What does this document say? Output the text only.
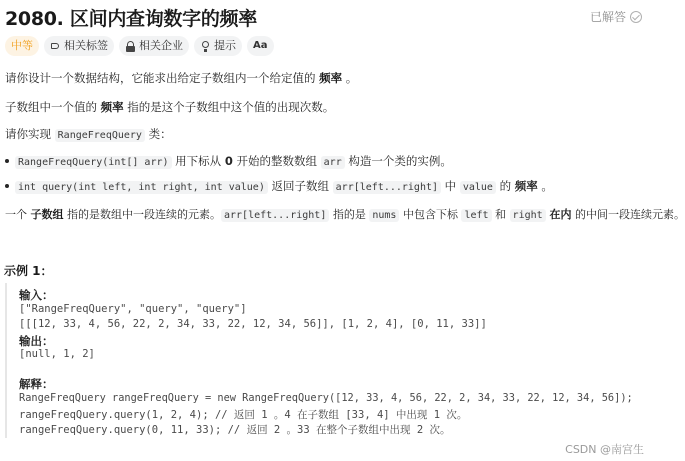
2080. 区间内查询数字的频率	已解答
中等	相关标签	相关企业	提示 Aa
请你设计一个数据结构，它能求出给定子数组内一个给定值的 频率 。
子数组中一个值的 频率 指的是这个子数组中这个值的出现次数。
请你实现 RangeFreqQuery 类：
RangeFreqQuery(int[] arr) 用下标从 0 开始的整数数组 arr 构造一个类的实例。
int query(int left, int right, int value) 返回子数组 arr[left...right] 中 value 的 频率 。
一个 子数组 指的是数组中一段连续的元素。 arr[left...right] 指的是 nums 中包含下标 left 和 right 在内 的中间一段连续元素。
示例 1：
输入：
["RangeFreqQuery", "query", "query"]
[[[12, 33, 4, 56, 22, 2, 34, 33, 22, 12, 34, 56]], [1, 2, 4], [0, 11, 33]]
输出：
[null, 1, 2]
解释：
RangeFreqQuery rangeFreqQuery = new RangeFreqQuery([12, 33, 4, 56, 22, 2, 34, 33, 22, 12, 34, 56]);
rangeFreqQuery.query(1, 2, 4); // 返回 1 。4 在子数组 [33, 4] 中出现 1 次。
rangeFreqQuery.query(0, 11, 33); // 返回 2 。33 在整个子数组中出现 2 次。
CSDN @南宫生
